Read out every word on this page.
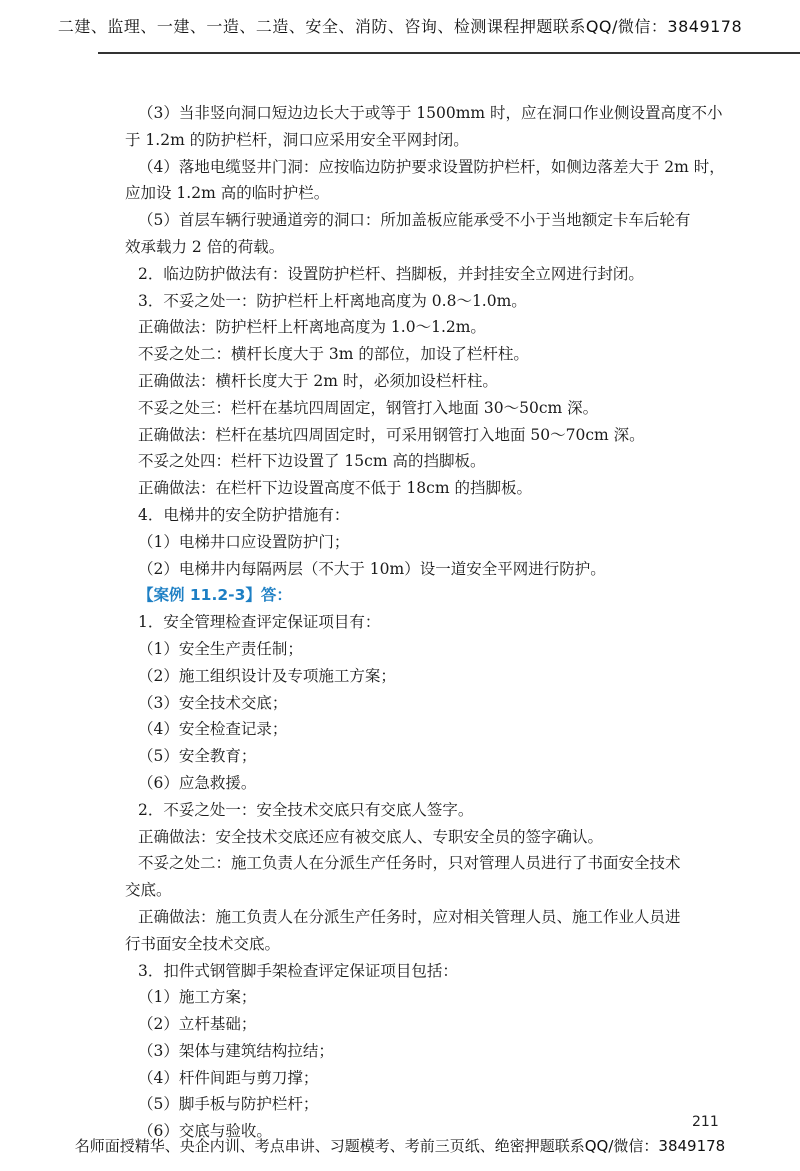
二建、监理、一建、一造、二造、安全、消防、咨询、检测课程押题联系QQ/微信：3849178
（3）当非竖向洞口短边边长大于或等于 1500mm 时，应在洞口作业侧设置高度不小
于 1.2m 的防护栏杆，洞口应采用安全平网封闭。
（4）落地电缆竖井门洞：应按临边防护要求设置防护栏杆，如侧边落差大于 2m 时，
应加设 1.2m 高的临时护栏。
（5）首层车辆行驶通道旁的洞口：所加盖板应能承受不小于当地额定卡车后轮有
效承载力 2 倍的荷载。
2．临边防护做法有：设置防护栏杆、挡脚板，并封挂安全立网进行封闭。
3．不妥之处一：防护栏杆上杆离地高度为 0.8～1.0m。
正确做法：防护栏杆上杆离地高度为 1.0～1.2m。
不妥之处二：横杆长度大于 3m 的部位，加设了栏杆柱。
正确做法：横杆长度大于 2m 时，必须加设栏杆柱。
不妥之处三：栏杆在基坑四周固定，钢管打入地面 30～50cm 深。
正确做法：栏杆在基坑四周固定时，可采用钢管打入地面 50～70cm 深。
不妥之处四：栏杆下边设置了 15cm 高的挡脚板。
正确做法：在栏杆下边设置高度不低于 18cm 的挡脚板。
4．电梯井的安全防护措施有：
（1）电梯井口应设置防护门；
（2）电梯井内每隔两层（不大于 10m）设一道安全平网进行防护。
【案例 11.2-3】答：
1．安全管理检查评定保证项目有：
（1）安全生产责任制；
（2）施工组织设计及专项施工方案；
（3）安全技术交底；
（4）安全检查记录；
（5）安全教育；
（6）应急救援。
2．不妥之处一：安全技术交底只有交底人签字。
正确做法：安全技术交底还应有被交底人、专职安全员的签字确认。
不妥之处二：施工负责人在分派生产任务时，只对管理人员进行了书面安全技术
交底。
正确做法：施工负责人在分派生产任务时，应对相关管理人员、施工作业人员进
行书面安全技术交底。
3．扣件式钢管脚手架检查评定保证项目包括：
（1）施工方案；
（2）立杆基础；
（3）架体与建筑结构拉结；
（4）杆件间距与剪刀撑；
（5）脚手板与防护栏杆；
（6）交底与验收。
211
名师面授精华、央企内训、考点串讲、习题模考、考前三页纸、绝密押题联系QQ/微信：3849178
